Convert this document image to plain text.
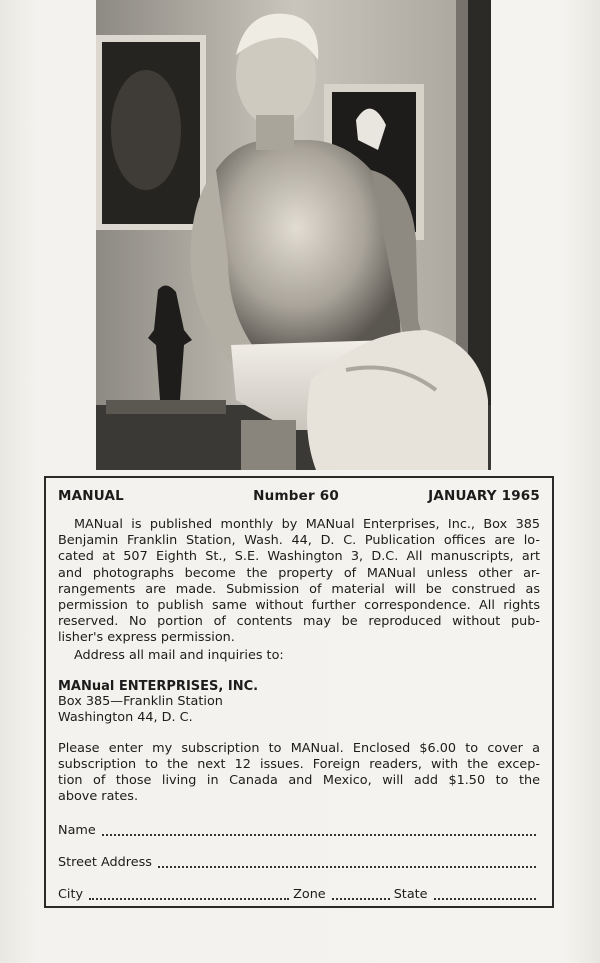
MANUAL	Number 60	JANUARY 1965
MANual is published monthly by MANual Enterprises, Inc., Box 385
Benjamin Franklin Station, Wash. 44, D. C. Publication offices are lo-
cated at 507 Eighth St., S.E. Washington 3, D.C. All manuscripts, art
and photographs become the property of MANual unless other ar-
rangements are made. Submission of material will be construed as
permission to publish same without further correspondence. All rights
reserved. No portion of contents may be reproduced without pub-
lisher's express permission.
Address all mail and inquiries to:
MANual ENTERPRISES, INC.
Box 385—Franklin Station
Washington 44, D. C.
Please enter my subscription to MANual. Enclosed $6.00 to cover a
subscription to the next 12 issues. Foreign readers, with the excep-
tion of those living in Canada and Mexico, will add $1.50 to the
above rates.
Name
Street Address
City	Zone	State
